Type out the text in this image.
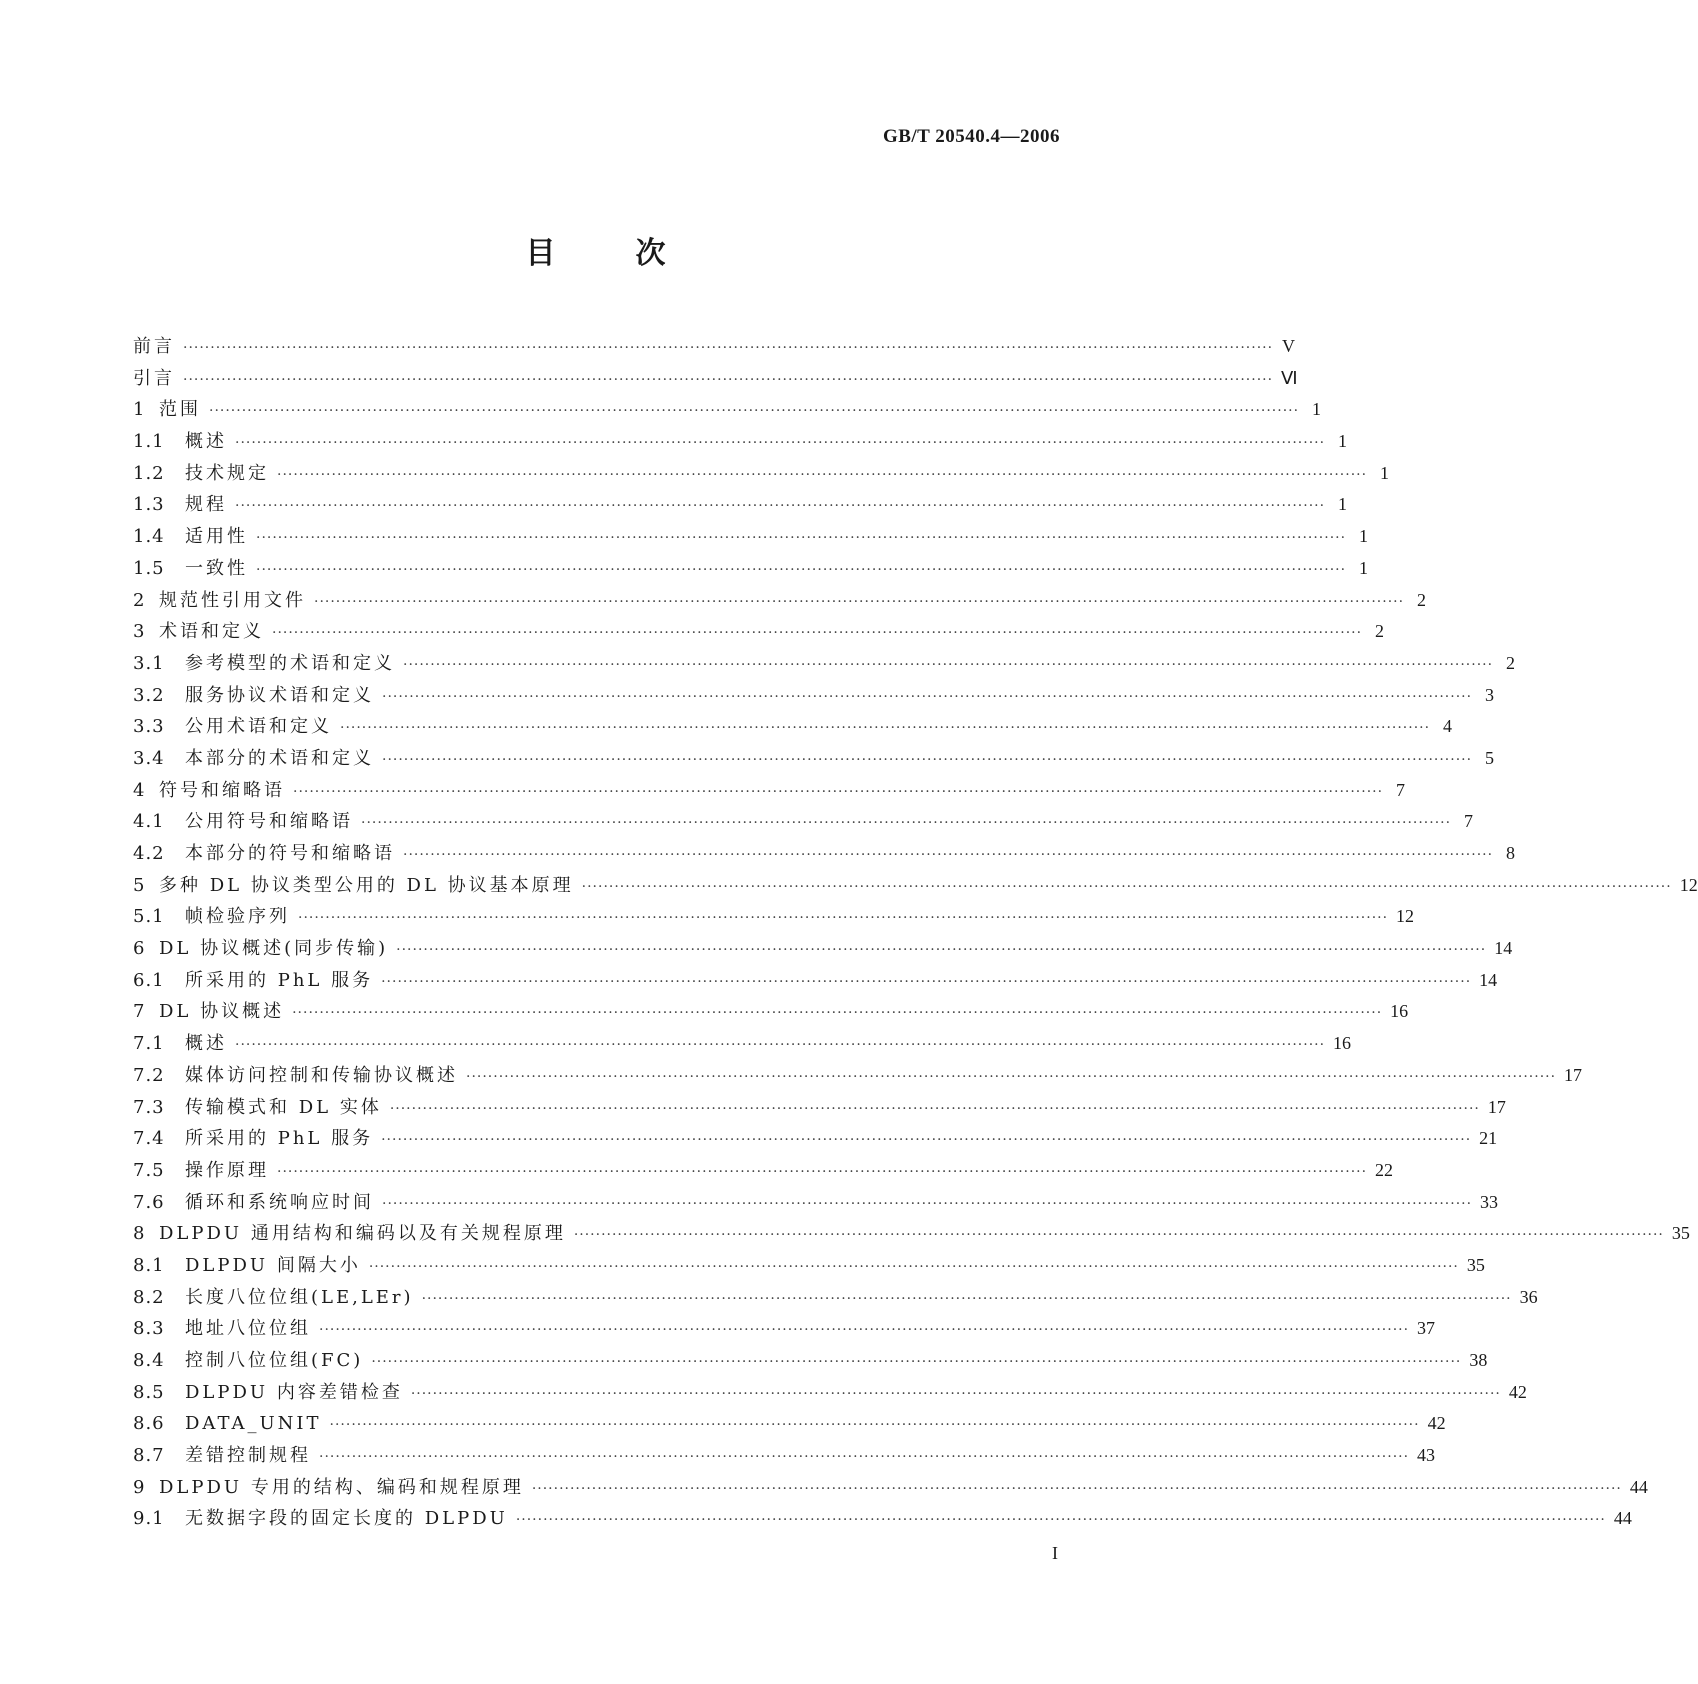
GB/T 20540.4—2006
目次
前言 ········································································································································································································ V
引言 ········································································································································································································ Ⅵ
1 范围 ········································································································································································································ 1
1.1	概述 ········································································································································································································ 1
1.2	技术规定 ········································································································································································································ 1
1.3	规程 ········································································································································································································ 1
1.4	适用性 ········································································································································································································ 1
1.5	一致性 ········································································································································································································ 1
2 规范性引用文件 ········································································································································································································ 2
3 术语和定义 ········································································································································································································ 2
3.1	参考模型的术语和定义 ········································································································································································································ 2
3.2	服务协议术语和定义 ········································································································································································································ 3
3.3	公用术语和定义 ········································································································································································································ 4
3.4	本部分的术语和定义 ········································································································································································································ 5
4 符号和缩略语 ········································································································································································································ 7
4.1	公用符号和缩略语 ········································································································································································································ 7
4.2	本部分的符号和缩略语 ········································································································································································································ 8
5 多种 DL 协议类型公用的 DL 协议基本原理 ········································································································································································································ 12
5.1	帧检验序列 ········································································································································································································ 12
6 DL 协议概述(同步传输) ········································································································································································································ 14
6.1	所采用的 PhL 服务 ········································································································································································································ 14
7 DL 协议概述 ········································································································································································································ 16
7.1	概述 ········································································································································································································ 16
7.2	媒体访问控制和传输协议概述 ········································································································································································································ 17
7.3	传输模式和 DL 实体 ········································································································································································································ 17
7.4	所采用的 PhL 服务 ········································································································································································································ 21
7.5	操作原理 ········································································································································································································ 22
7.6	循环和系统响应时间 ········································································································································································································ 33
8 DLPDU 通用结构和编码以及有关规程原理 ········································································································································································································ 35
8.1	DLPDU 间隔大小 ········································································································································································································ 35
8.2	长度八位位组(LE,LEr) ········································································································································································································ 36
8.3	地址八位位组 ········································································································································································································ 37
8.4	控制八位位组(FC) ········································································································································································································ 38
8.5	DLPDU 内容差错检查 ········································································································································································································ 42
8.6	DATA_UNIT ········································································································································································································ 42
8.7	差错控制规程 ········································································································································································································ 43
9 DLPDU 专用的结构、编码和规程原理 ········································································································································································································ 44
9.1	无数据字段的固定长度的 DLPDU ········································································································································································································ 44
I
